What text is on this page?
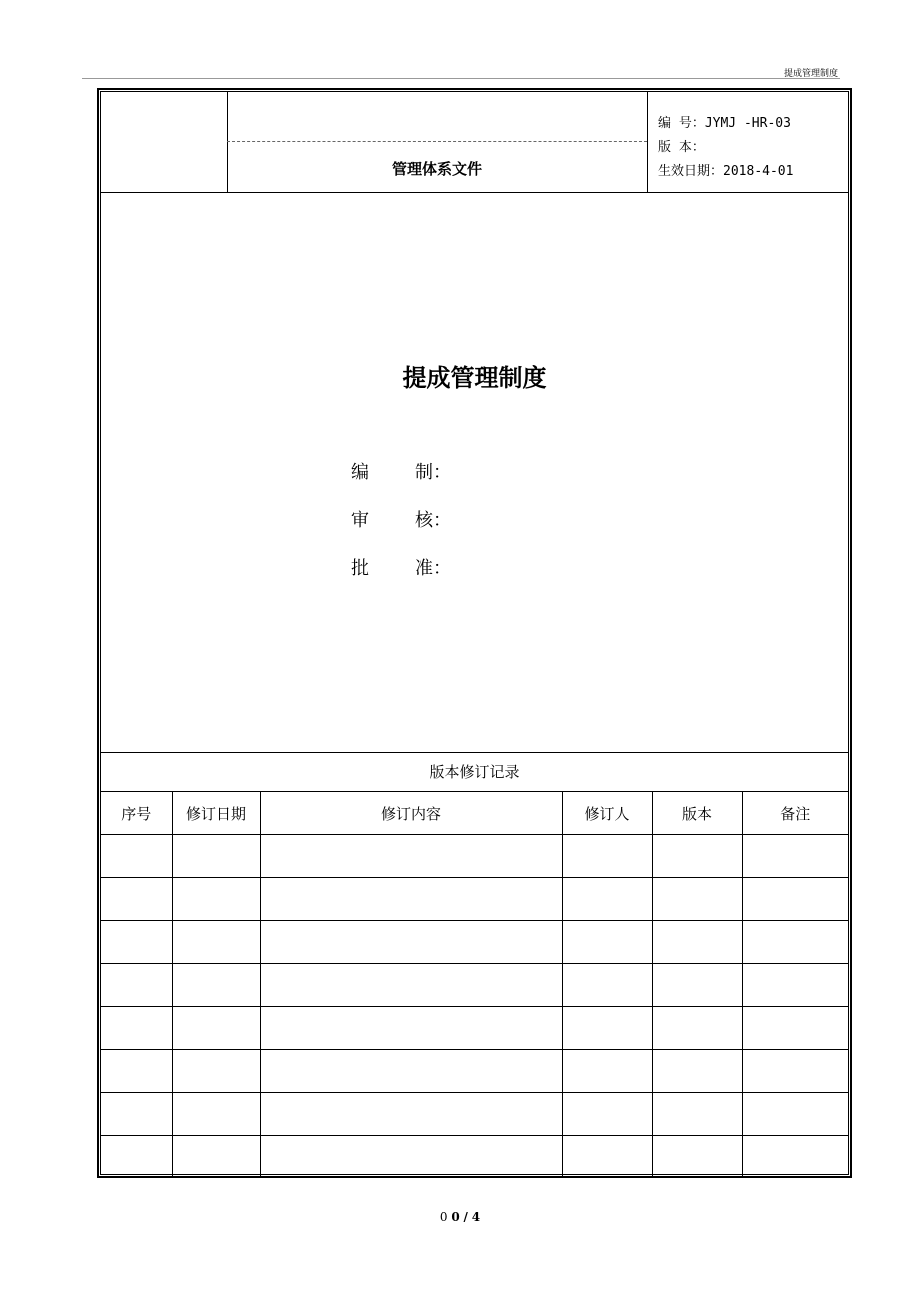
提成管理制度
管理体系文件
编 号：JYMJ -HR-03
版 本：
生效日期：2018-4-01
提成管理制度
编	制：
审	核：
批	准：
版本修订记录
序号	修订日期	修订内容	修订人	版本	备注

0 0 / 4
